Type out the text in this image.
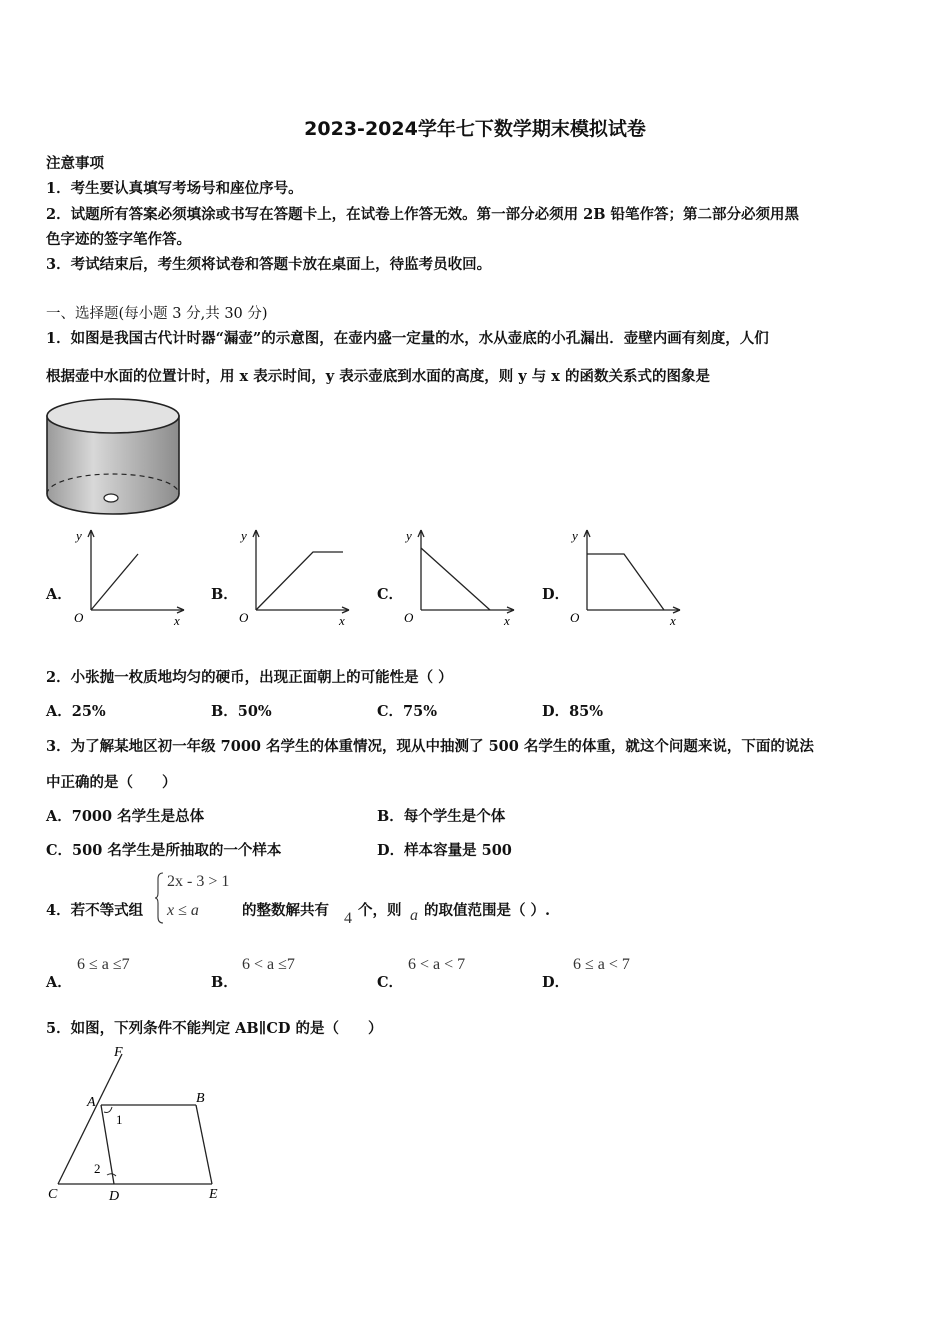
2023-2024学年七下数学期末模拟试卷
注意事项
1．考生要认真填写考场号和座位序号。
2．试题所有答案必须填涂或书写在答题卡上，在试卷上作答无效。第一部分必须用 2B 铅笔作答；第二部分必须用黑
色字迹的签字笔作答。
3．考试结束后，考生须将试卷和答题卡放在桌面上，待监考员收回。
一、选择题(每小题 3 分,共 30 分)
1．如图是我国古代计时器“漏壶”的示意图，在壶内盛一定量的水，水从壶底的小孔漏出．壶壁内画有刻度，人们
根据壶中水面的位置计时，用 x 表示时间，y 表示壶底到水面的高度，则 y 与 x 的函数关系式的图象是
A．
y
x
O
B．
y
x
O
C．
y
x
O
D．
y
x
O
2．小张抛一枚质地均匀的硬币，出现正面朝上的可能性是（ ）
A．25%	B．50%	C．75%	D．85%
3．为了解某地区初一年级 7000 名学生的体重情况，现从中抽测了 500 名学生的体重，就这个问题来说，下面的说法
中正确的是（　　）
A．7000 名学生是总体	B．每个学生是个体
C．500 名学生是所抽取的一个样本	D．样本容量是 500
4．若不等式组
2x - 3 > 1
x ≤ a	的整数解共有 4 个，则 a 的取值范围是（ ）.
A．
6 ≤ a ≤7
B．
6 < a ≤7
C．
6 < a < 7
D．
6 ≤ a < 7
5．如图，下列条件不能判定 AB∥CD 的是（　　）
F
A	B
C	D	E
1
2
